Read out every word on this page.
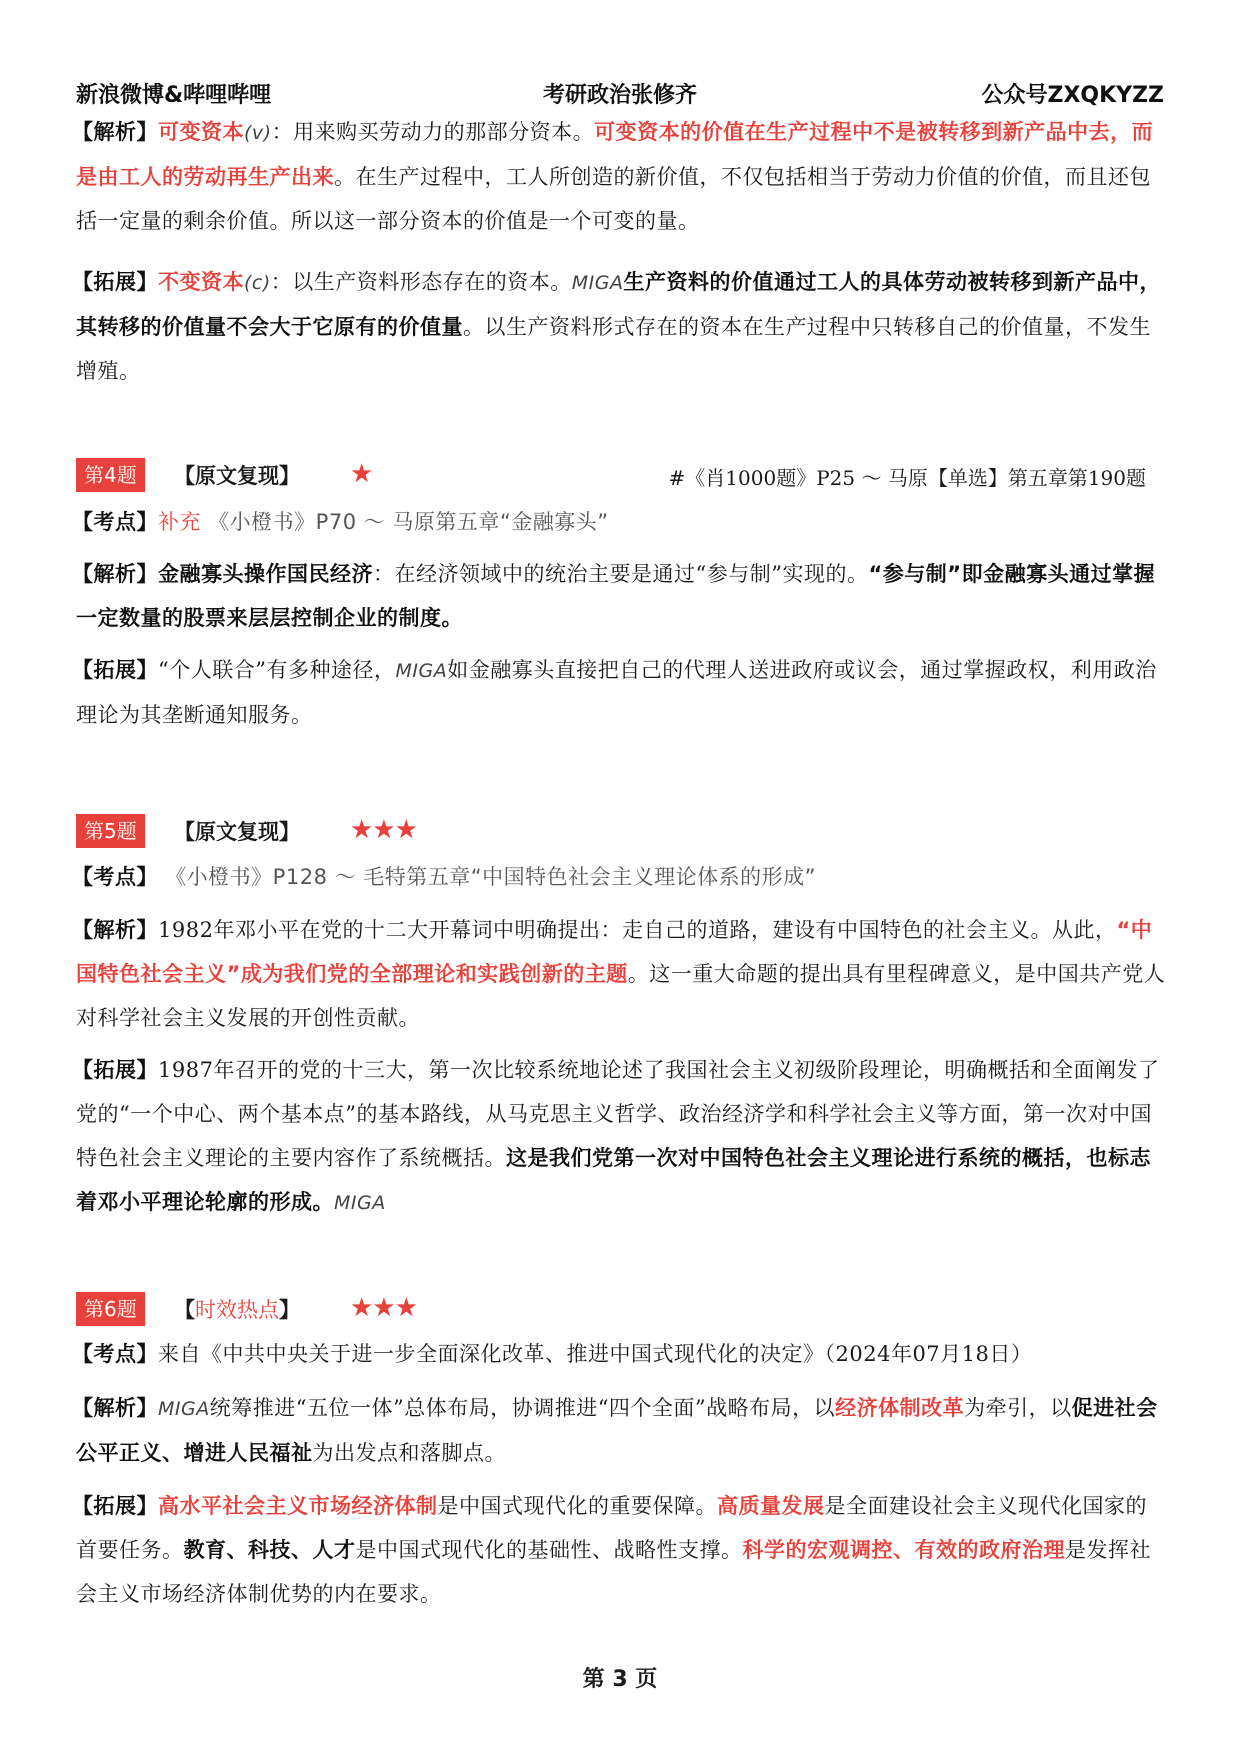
新浪微博&哔哩哔哩	考研政治张修齐	公众号ZXQKYZZ

【解析】可变资本(v)：用来购买劳动力的那部分资本。可变资本的价值在生产过程中不是被转移到新产品中去，而是由工人的劳动再生产出来。在生产过程中，工人所创造的新价值，不仅包括相当于劳动力价值的价值，而且还包括一定量的剩余价值。所以这一部分资本的价值是一个可变的量。

【拓展】不变资本(c)：以生产资料形态存在的资本。MIGA生产资料的价值通过工人的具体劳动被转移到新产品中，其转移的价值量不会大于它原有的价值量。以生产资料形式存在的资本在生产过程中只转移自己的价值量，不发生增殖。

第4题	【原文复现】 ★	#《肖1000题》P25 ～ 马原【单选】第五章第190题

【考点】补充 《小橙书》P70 ～ 马原第五章“金融寡头”

【解析】金融寡头操作国民经济：在经济领域中的统治主要是通过“参与制”实现的。“参与制”即金融寡头通过掌握一定数量的股票来层层控制企业的制度。

【拓展】“个人联合”有多种途径，MIGA如金融寡头直接把自己的代理人送进政府或议会，通过掌握政权，利用政治理论为其垄断通知服务。

第5题	【原文复现】 ★★★

【考点】 《小橙书》P128 ～ 毛特第五章“中国特色社会主义理论体系的形成”

【解析】1982年邓小平在党的十二大开幕词中明确提出：走自己的道路，建设有中国特色的社会主义。从此，“中国特色社会主义”成为我们党的全部理论和实践创新的主题。这一重大命题的提出具有里程碑意义，是中国共产党人对科学社会主义发展的开创性贡献。

【拓展】1987年召开的党的十三大，第一次比较系统地论述了我国社会主义初级阶段理论，明确概括和全面阐发了党的“一个中心、两个基本点”的基本路线，从马克思主义哲学、政治经济学和科学社会主义等方面，第一次对中国特色社会主义理论的主要内容作了系统概括。这是我们党第一次对中国特色社会主义理论进行系统的概括，也标志着邓小平理论轮廓的形成。MIGA

第6题	【时效热点】 ★★★

【考点】来自《中共中央关于进一步全面深化改革、推进中国式现代化的决定》（2024年07月18日）

【解析】MIGA统筹推进“五位一体”总体布局，协调推进“四个全面”战略布局，以经济体制改革为牵引，以促进社会公平正义、增进人民福祉为出发点和落脚点。

【拓展】高水平社会主义市场经济体制是中国式现代化的重要保障。高质量发展是全面建设社会主义现代化国家的首要任务。教育、科技、人才是中国式现代化的基础性、战略性支撑。科学的宏观调控、有效的政府治理是发挥社会主义市场经济体制优势的内在要求。

第 3 页
